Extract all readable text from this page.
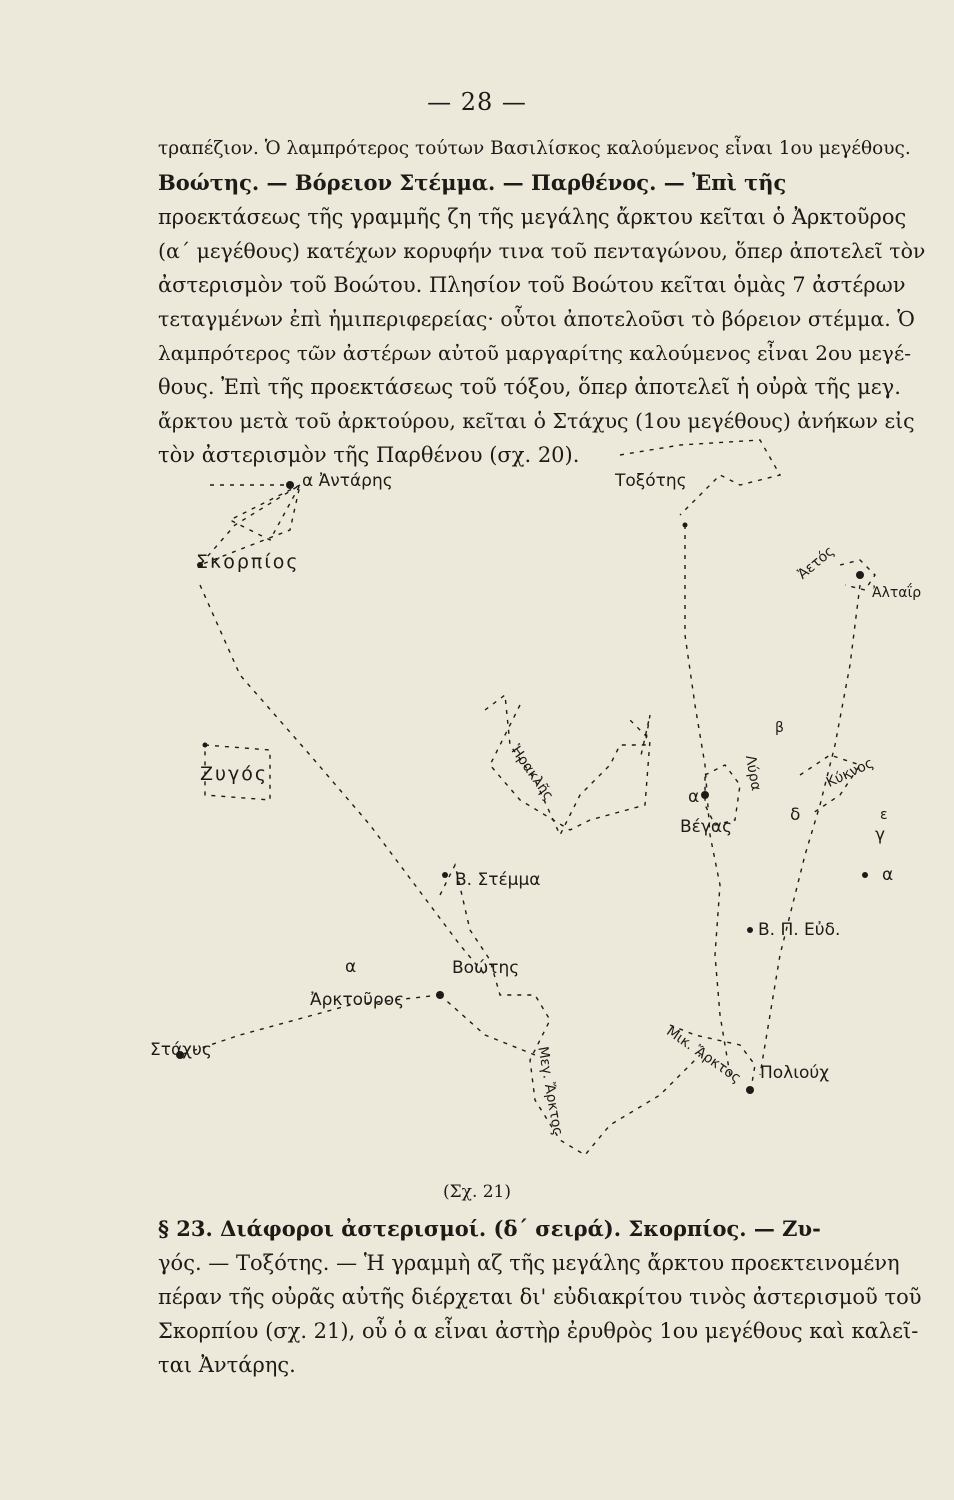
— 28 —
τραπέζιον. Ὁ λαμπρότερος τούτων Βασιλίσκος καλούμενος εἶναι 1ου μεγέθους.
Βοώτης. — Βόρειον Στέμμα. — Παρθένος. — Ἐπὶ τῆς
προεκτάσεως τῆς γραμμῆς ζη τῆς μεγάλης ἄρκτου κεῖται ὁ Ἀρκτοῦρος
(α΄ μεγέθους) κατέχων κορυφήν τινα τοῦ πενταγώνου, ὅπερ ἀποτελεῖ τὸν
ἀστερισμὸν τοῦ Βοώτου. Πλησίον τοῦ Βοώτου κεῖται ὁμὰς 7 ἀστέρων
τεταγμένων ἐπὶ ἡμιπεριφερείας· οὗτοι ἀποτελοῦσι τὸ βόρειον στέμμα. Ὁ
λαμπρότερος τῶν ἀστέρων αὐτοῦ μαργαρίτης καλούμενος εἶναι 2ου μεγέ-
θους. Ἐπὶ τῆς προεκτάσεως τοῦ τόξου, ὅπερ ἀποτελεῖ ἡ οὐρὰ τῆς μεγ.
ἄρκτου μετὰ τοῦ ἀρκτούρου, κεῖται ὁ Στάχυς (1ου μεγέθους) ἀνήκων εἰς
τὸν ἀστερισμὸν τῆς Παρθένου (σχ. 20).
α Ἀντάρης
Σκορπίος
Ζυγός
Τοξότης
Ἀλταΐρ
Β. Στέμμα
Βοώτης
Ἀρκτοῦρος
α
Στάχυς
Βέγας
Λύρα	Κύκνος
α
δ
γ
ε
β
α
Ἡρακλῆς
Β. Π. Εὐδ.
Πολιούχ
Μικ. Ἄρκτος
Μεγ. Ἄρκτος
Ἀετός
(Σχ. 21)
§ 23. Διάφοροι ἀστερισμοί. (δ΄ σειρά). Σκορπίος. — Ζυ-
γός. — Τοξότης. — Ἡ γραμμὴ αζ τῆς μεγάλης ἄρκτου προεκτεινομένη
πέραν τῆς οὐρᾶς αὐτῆς διέρχεται δι' εὐδιακρίτου τινὸς ἀστερισμοῦ τοῦ
Σκορπίου (σχ. 21), οὗ ὁ α εἶναι ἀστὴρ ἐρυθρὸς 1ου μεγέθους καὶ καλεῖ-
ται Ἀντάρης.
